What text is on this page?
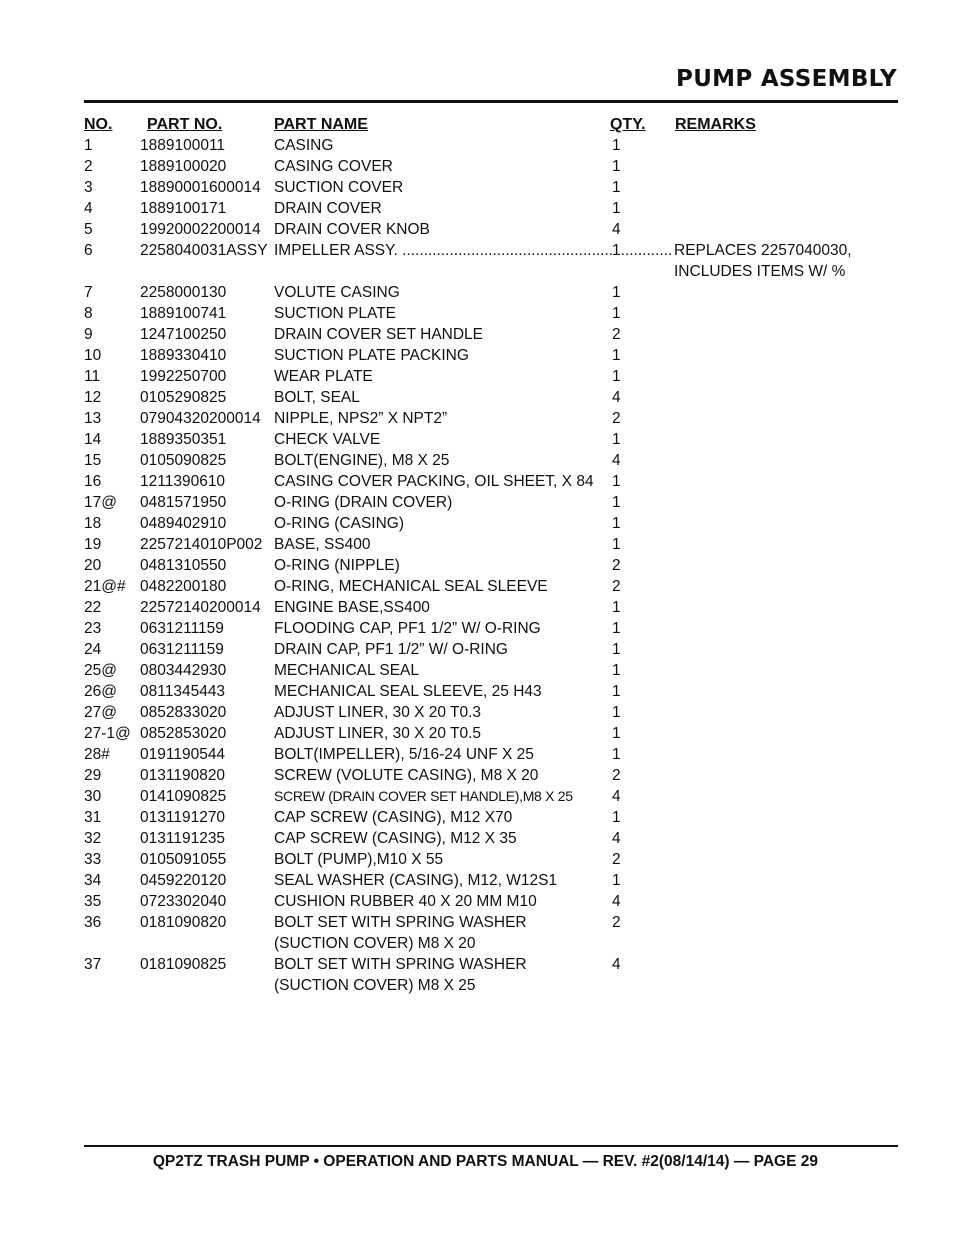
PUMP ASSEMBLY
NO.	PART NO.	PART NAME	QTY.	REMARKS

1	1889100011	CASING	1	

2	1889100020	CASING COVER	1	

3	18890001600014	SUCTION COVER	1	

4	1889100171	DRAIN COVER	1	

5	19920002200014	DRAIN COVER KNOB	4	

6	2258040031ASSY	IMPELLER ASSY. .................................................	1............	REPLACES 2257040030,
INCLUDES ITEMS W/ %

7	2258000130	VOLUTE CASING	1	

8	1889100741	SUCTION PLATE	1	

9	1247100250	DRAIN COVER SET HANDLE	2	

10	1889330410	SUCTION PLATE PACKING	1	

11	1992250700	WEAR PLATE	1	

12	0105290825	BOLT, SEAL	4	

13	07904320200014	NIPPLE, NPS2” X NPT2”	2	

14	1889350351	CHECK VALVE	1	

15	0105090825	BOLT(ENGINE), M8 X 25	4	

16	1211390610	CASING COVER PACKING, OIL SHEET, X 84	1	

17@	0481571950	O-RING (DRAIN COVER)	1	

18	0489402910	O-RING (CASING)	1	

19	2257214010P002	BASE, SS400	1	

20	0481310550	O-RING (NIPPLE)	2	

21@#	0482200180	O-RING, MECHANICAL SEAL SLEEVE	2	

22	22572140200014	ENGINE BASE,SS400	1	

23	0631211159	FLOODING CAP, PF1 1/2” W/ O-RING	1	

24	0631211159	DRAIN CAP, PF1 1/2” W/ O-RING	1	

25@	0803442930	MECHANICAL SEAL	1	

26@	0811345443	MECHANICAL SEAL SLEEVE, 25 H43	1	

27@	0852833020	ADJUST LINER, 30 X 20 T0.3	1	

27-1@	0852853020	ADJUST LINER, 30 X 20 T0.5	1	

28#	0191190544	BOLT(IMPELLER), 5/16-24 UNF X 25	1	

29	0131190820	SCREW (VOLUTE CASING), M8 X 20	2	

30	0141090825	SCREW (DRAIN COVER SET HANDLE),M8 X 25	4	

31	0131191270	CAP SCREW (CASING), M12 X70	1	

32	0131191235	CAP SCREW (CASING), M12 X 35	4	

33	0105091055	BOLT (PUMP),M10 X 55	2	

34	0459220120	SEAL WASHER (CASING), M12, W12S1	1	

35	0723302040	CUSHION RUBBER 40 X 20 MM M10	4	

36	0181090820	BOLT SET WITH SPRING WASHER
(SUCTION COVER) M8 X 20	2	

37	0181090825	BOLT SET WITH SPRING WASHER
(SUCTION COVER) M8 X 25	4	

QP2TZ TRASH PUMP • OPERATION AND PARTS MANUAL — REV. #2(08/14/14) — PAGE 29
